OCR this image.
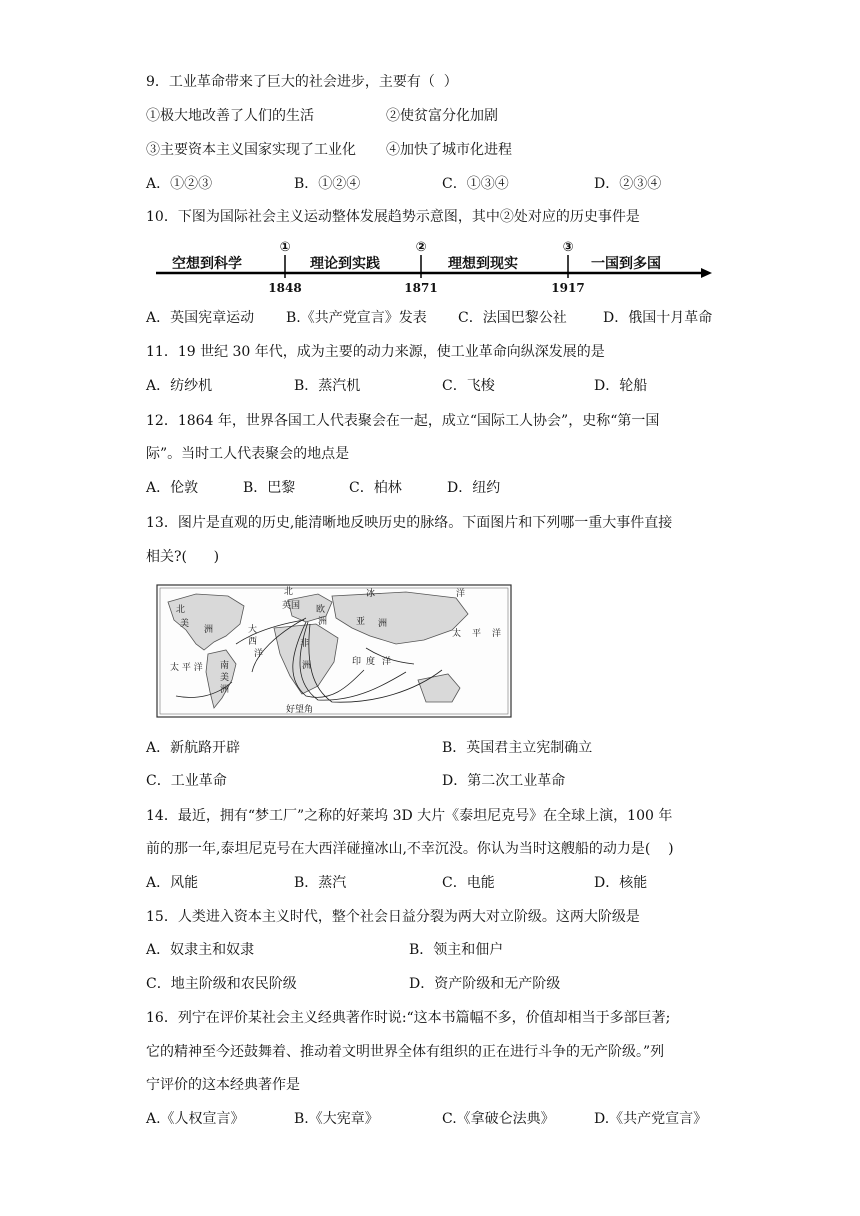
9．工业革命带来了巨大的社会进步，主要有（  ）
①极大地改善了人们的生活	②使贫富分化加剧
③主要资本主义国家实现了工业化 ④加快了城市化进程
A．①②③	B．①②④	C．①③④	D．②③④
10．下图为国际社会主义运动整体发展趋势示意图，其中②处对应的历史事件是
空想到科学	理论到实践	理想到现实	一国到多国
①	②	③
1848	1871	1917
A．英国宪章运动 B.《共产党宣言》发表 C．法国巴黎公社	D．俄国十月革命
11．19 世纪 30 年代，成为主要的动力来源，使工业革命向纵深发展的是
A．纺纱机	B．蒸汽机	C．飞梭	D．轮船
12．1864 年，世界各国工人代表聚会在一起，成立“国际工人协会”，史称“第一国
际”。当时工人代表聚会的地点是
A．伦敦	B．巴黎	C．柏林	D．纽约
13．图片是直观的历史,能清晰地反映历史的脉络。下面图片和下列哪一重大事件直接
相关?(      )
北
美
洲	大
西
洋
北	冰	洋
英国 欧
洲	亚 洲
非
洲	印 度 洋
太 平 洋
太 平 洋 南
美
洲
好望角
A．新航路开辟	B．英国君主立宪制确立
C．工业革命	D．第二次工业革命
14．最近，拥有“梦工厂”之称的好莱坞 3D 大片《泰坦尼克号》在全球上演，100 年
前的那一年,泰坦尼克号在大西洋碰撞冰山,不幸沉没。你认为当时这艘船的动力是(    )
A．风能	B．蒸汽	C．电能	D．核能
15．人类进入资本主义时代，整个社会日益分裂为两大对立阶级。这两大阶级是
A．奴隶主和奴隶	B．领主和佃户
C．地主阶级和农民阶级	D．资产阶级和无产阶级
16．列宁在评价某社会主义经典著作时说:“这本书篇幅不多，价值却相当于多部巨著;
它的精神至今还鼓舞着、推动着文明世界全体有组织的正在进行斗争的无产阶级。”列
宁评价的这本经典著作是
A.《人权宣言》	B.《大宪章》	C.《拿破仑法典》	D.《共产党宣言》
